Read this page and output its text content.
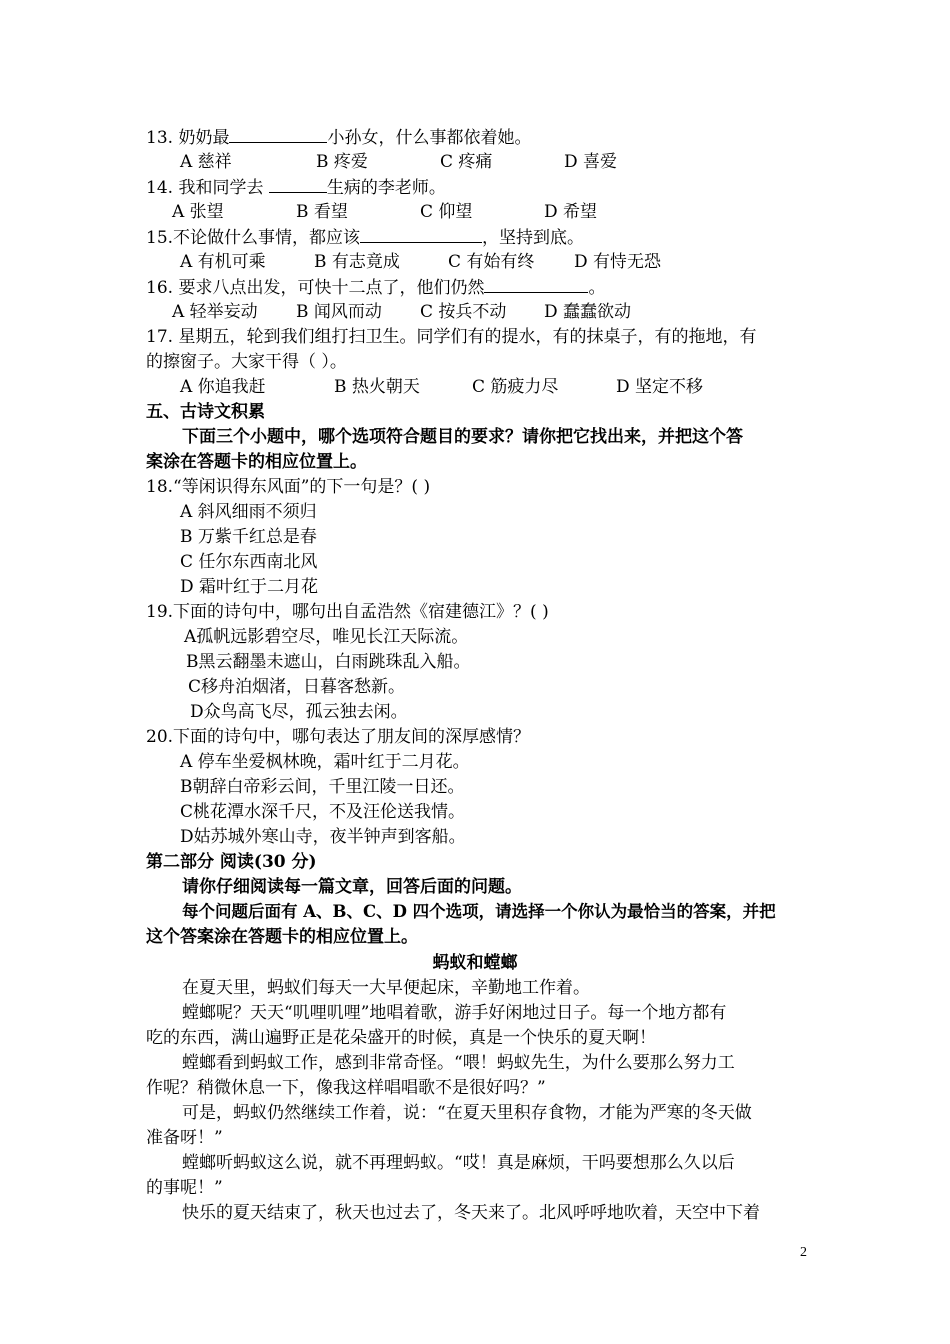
13. 奶奶最	小孙女，什么事都依着她。
A 慈祥	B 疼爱	C 疼痛	D 喜爱
14. 我和同学去	生病的李老师。
A 张望	B 看望	C 仰望	D 希望
15.不论做什么事情，都应该	，坚持到底。
A 有机可乘	B 有志竟成	C 有始有终 D 有恃无恐
16. 要求八点出发，可快十二点了，他们仍然	。
A 轻举妄动 B 闻风而动 C 按兵不动 D 蠢蠢欲动
17. 星期五，轮到我们组打扫卫生。同学们有的提水，有的抹桌子，有的拖地，有
的擦窗子。大家干得（ ）。
A 你追我赶	B 热火朝天	C 筋疲力尽	D 坚定不移
五、古诗文积累
下面三个小题中，哪个选项符合题目的要求？请你把它找出来，并把这个答
案涂在答题卡的相应位置上。
18.“等闲识得东风面”的下一句是？( )
A 斜风细雨不须归
B 万紫千红总是春
C 任尔东西南北风
D 霜叶红于二月花
19.下面的诗句中，哪句出自孟浩然《宿建德江》？( )
A孤帆远影碧空尽，唯见长江天际流。
B黑云翻墨未遮山，白雨跳珠乱入船。
C移舟泊烟渚，日暮客愁新。
D众鸟高飞尽，孤云独去闲。
20.下面的诗句中，哪句表达了朋友间的深厚感情？
A 停车坐爱枫林晚，霜叶红于二月花。
B朝辞白帝彩云间，千里江陵一日还。
C桃花潭水深千尺，不及汪伦送我情。
D姑苏城外寒山寺，夜半钟声到客船。
第二部分 阅读(30 分)
请你仔细阅读每一篇文章，回答后面的问题。
每个问题后面有 A、B、C、D 四个选项，请选择一个你认为最恰当的答案，并把
这个答案涂在答题卡的相应位置上。
蚂蚁和螳螂
在夏天里，蚂蚁们每天一大早便起床，辛勤地工作着。
螳螂呢？天天“叽哩叽哩”地唱着歌，游手好闲地过日子。每一个地方都有
吃的东西，满山遍野正是花朵盛开的时候，真是一个快乐的夏天啊！
螳螂看到蚂蚁工作，感到非常奇怪。“喂！蚂蚁先生，为什么要那么努力工
作呢？稍微休息一下，像我这样唱唱歌不是很好吗？”
可是，蚂蚁仍然继续工作着，说：“在夏天里积存食物，才能为严寒的冬天做
准备呀！”
螳螂听蚂蚁这么说，就不再理蚂蚁。“哎！真是麻烦，干吗要想那么久以后
的事呢！”
快乐的夏天结束了，秋天也过去了，冬天来了。北风呼呼地吹着，天空中下着
2
